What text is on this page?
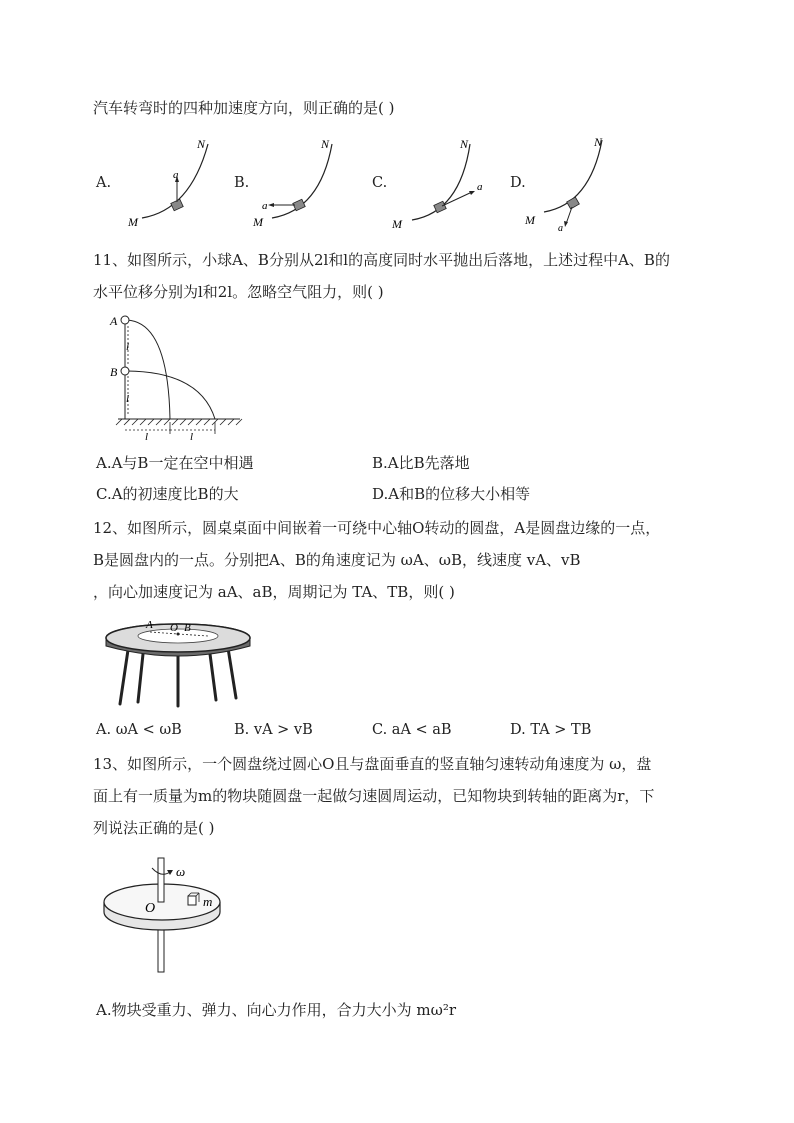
汽车转弯时的四种加速度方向，则正确的是( )
A.	B.	C.	D.
a
N
M
a
N
M
a
N
M	a
N
M
11、如图所示，小球A、B分别从2l和l的高度同时水平抛出后落地，上述过程中A、B的
水平位移分别为l和2l。忽略空气阻力，则( )
A
B
l
l
l	l
A.A与B一定在空中相遇	B.A比B先落地
C.A的初速度比B的大	D.A和B的位移大小相等
12、如图所示，圆桌桌面中间嵌着一可绕中心轴O转动的圆盘，A是圆盘边缘的一点，
B是圆盘内的一点。分别把A、B的角速度记为 ωA、ωB，线速度 vA、vB
，向心加速度记为 aA、aB，周期记为 TA、TB，则( )
A O B
A. ωA < ωB	B. vA > vB	C. aA < aB	D. TA > TB
13、如图所示，一个圆盘绕过圆心O且与盘面垂直的竖直轴匀速转动角速度为 ω，盘
面上有一质量为m的物块随圆盘一起做匀速圆周运动，已知物块到转轴的距离为r，下
列说法正确的是( )
ω
O	m
A.物块受重力、弹力、向心力作用，合力大小为 mω²r
